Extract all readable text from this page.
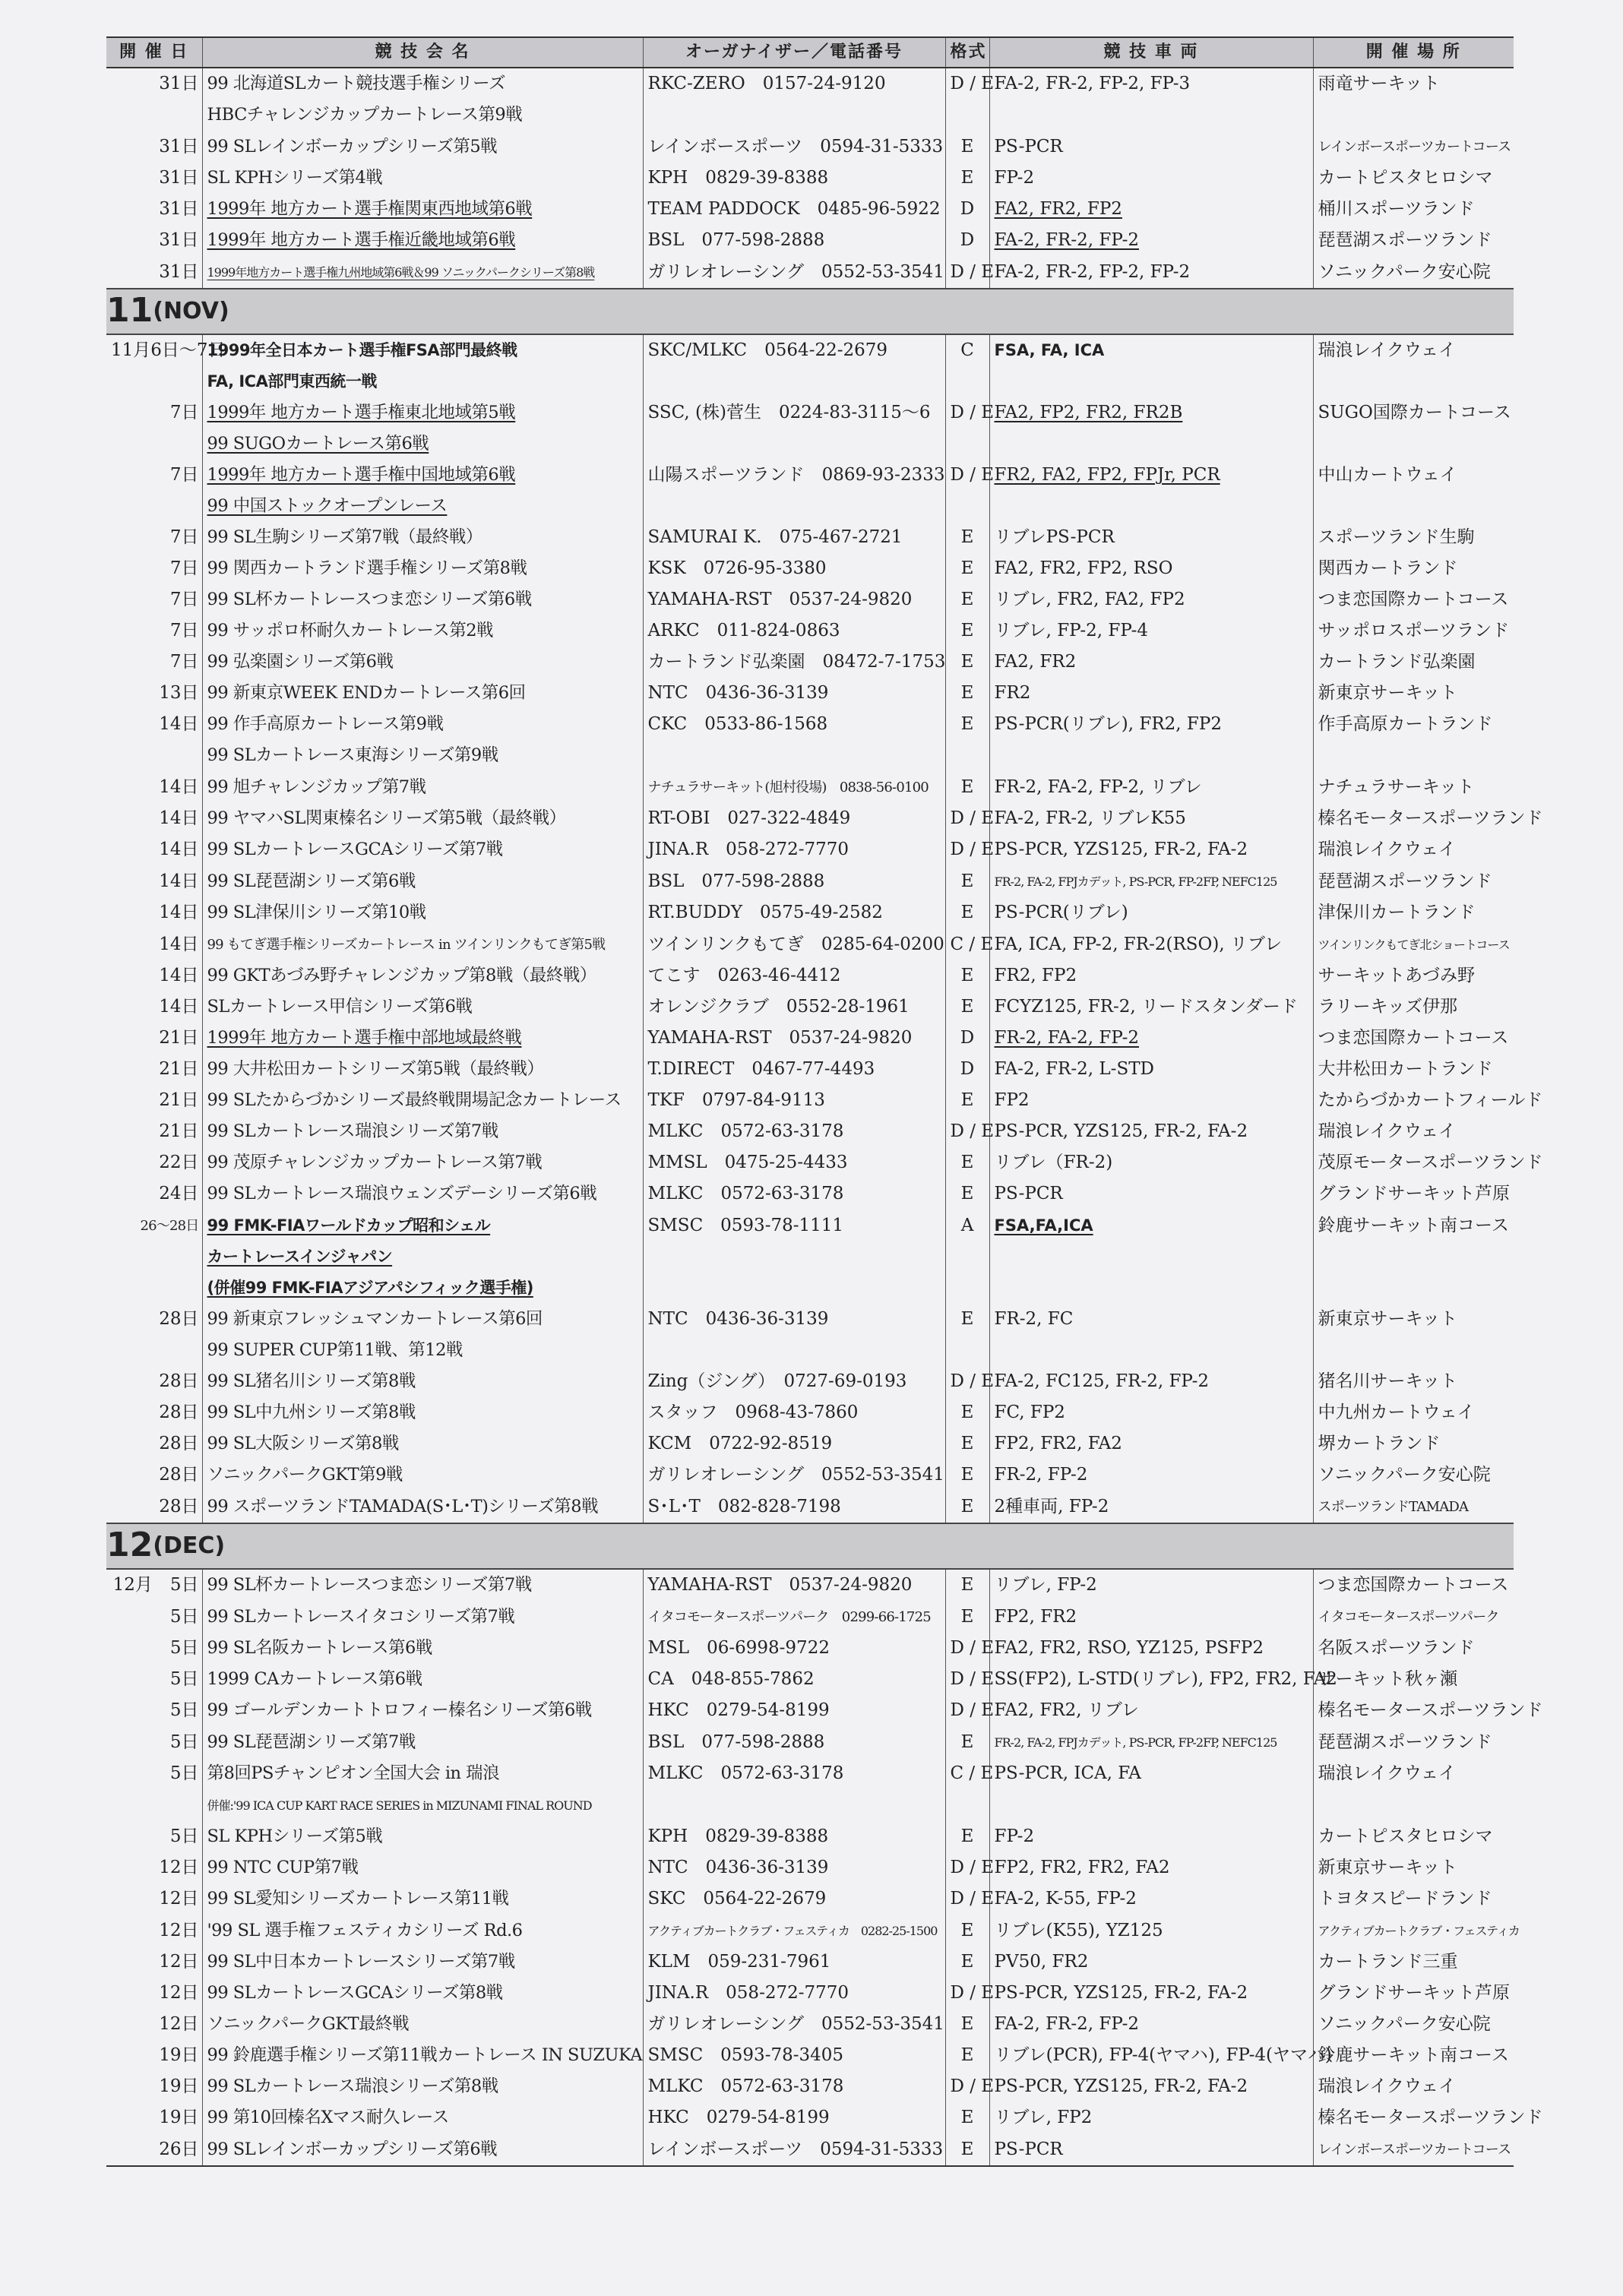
開 催 日	競 技 会 名	オーガナイザー／電話番号	格式	競 技 車 両	開 催 場 所
31日	99 北海道SLカート競技選手権シリーズ	RKC-ZERO　0157-24-9120	D / E	FA-2, FR-2, FP-2, FP-3	雨竜サーキット
	HBCチャレンジカップカートレース第9戦				
31日	99 SLレインボーカップシリーズ第5戦	レインボースポーツ　0594-31-5333	E	PS-PCR	レインボースポーツカートコース
31日	SL KPHシリーズ第4戦	KPH　0829-39-8388	E	FP-2	カートピスタヒロシマ
31日	1999年 地方カート選手権関東西地域第6戦	TEAM PADDOCK　0485-96-5922	D	FA2, FR2, FP2	桶川スポーツランド
31日	1999年 地方カート選手権近畿地域第6戦	BSL　077-598-2888	D	FA-2, FR-2, FP-2	琵琶湖スポーツランド
31日	1999年地方カート選手権九州地域第6戦＆99 ソニックパークシリーズ第8戦	ガリレオレーシング　0552-53-3541	D / E	FA-2, FR-2, FP-2, FP-2	ソニックパーク安心院
11(NOV)					
11月6日〜7日	1999年全日本カート選手権FSA部門最終戦	SKC/MLKC　0564-22-2679	C	FSA, FA, ICA	瑞浪レイクウェイ
	FA, ICA部門東西統一戦				
7日	1999年 地方カート選手権東北地域第5戦	SSC, (株)菅生　0224-83-3115〜6	D / E	FA2, FP2, FR2, FR2B	SUGO国際カートコース
	99 SUGOカートレース第6戦				
7日	1999年 地方カート選手権中国地域第6戦	山陽スポーツランド　0869-93-2333	D / E	FR2, FA2, FP2, FPJr, PCR	中山カートウェイ
	99 中国ストックオープンレース				
7日	99 SL生駒シリーズ第7戦（最終戦）	SAMURAI K.　075-467-2721	E	リブレPS-PCR	スポーツランド生駒
7日	99 関西カートランド選手権シリーズ第8戦	KSK　0726-95-3380	E	FA2, FR2, FP2, RSO	関西カートランド
7日	99 SL杯カートレースつま恋シリーズ第6戦	YAMAHA-RST　0537-24-9820	E	リブレ, FR2, FA2, FP2	つま恋国際カートコース
7日	99 サッポロ杯耐久カートレース第2戦	ARKC　011-824-0863	E	リブレ, FP-2, FP-4	サッポロスポーツランド
7日	99 弘楽園シリーズ第6戦	カートランド弘楽園　08472-7-1753	E	FA2, FR2	カートランド弘楽園
13日	99 新東京WEEK ENDカートレース第6回	NTC　0436-36-3139	E	FR2	新東京サーキット
14日	99 作手高原カートレース第9戦	CKC　0533-86-1568	E	PS-PCR(リブレ), FR2, FP2	作手高原カートランド
	99 SLカートレース東海シリーズ第9戦				
14日	99 旭チャレンジカップ第7戦	ナチュラサーキット(旭村役場)　0838-56-0100	E	FR-2, FA-2, FP-2, リブレ	ナチュラサーキット
14日	99 ヤマハSL関東榛名シリーズ第5戦（最終戦）	RT-OBI　027-322-4849	D / E	FA-2, FR-2, リブレK55	榛名モータースポーツランド
14日	99 SLカートレースGCAシリーズ第7戦	JINA.R　058-272-7770	D / E	PS-PCR, YZS125, FR-2, FA-2	瑞浪レイクウェイ
14日	99 SL琵琶湖シリーズ第6戦	BSL　077-598-2888	E	FR-2, FA-2, FPJカデット, PS-PCR, FP-2FP, NEFC125	琵琶湖スポーツランド
14日	99 SL津保川シリーズ第10戦	RT.BUDDY　0575-49-2582	E	PS-PCR(リブレ)	津保川カートランド
14日	99 もてぎ選手権シリーズカートレース in ツインリンクもてぎ第5戦	ツインリンクもてぎ　0285-64-0200	C / E	FA, ICA, FP-2, FR-2(RSO), リブレ	ツインリンクもてぎ北ショートコース
14日	99 GKTあづみ野チャレンジカップ第8戦（最終戦）	てこす　0263-46-4412	E	FR2, FP2	サーキットあづみ野
14日	SLカートレース甲信シリーズ第6戦	オレンジクラブ　0552-28-1961	E	FCYZ125, FR-2, リードスタンダード	ラリーキッズ伊那
21日	1999年 地方カート選手権中部地域最終戦	YAMAHA-RST　0537-24-9820	D	FR-2, FA-2, FP-2	つま恋国際カートコース
21日	99 大井松田カートシリーズ第5戦（最終戦）	T.DIRECT　0467-77-4493	D	FA-2, FR-2, L-STD	大井松田カートランド
21日	99 SLたからづかシリーズ最終戦開場記念カートレース	TKF　0797-84-9113	E	FP2	たからづかカートフィールド
21日	99 SLカートレース瑞浪シリーズ第7戦	MLKC　0572-63-3178	D / E	PS-PCR, YZS125, FR-2, FA-2	瑞浪レイクウェイ
22日	99 茂原チャレンジカップカートレース第7戦	MMSL　0475-25-4433	E	リブレ（FR-2)	茂原モータースポーツランド
24日	99 SLカートレース瑞浪ウェンズデーシリーズ第6戦	MLKC　0572-63-3178	E	PS-PCR	グランドサーキット芦原
26〜28日	99 FMK-FIAワールドカップ昭和シェル	SMSC　0593-78-1111	A	FSA,FA,ICA	鈴鹿サーキット南コース
	カートレースインジャパン				
	(併催99 FMK-FIAアジアパシフィック選手権)				
28日	99 新東京フレッシュマンカートレース第6回	NTC　0436-36-3139	E	FR-2, FC	新東京サーキット
	99 SUPER CUP第11戦、第12戦				
28日	99 SL猪名川シリーズ第8戦	Zing（ジング）　0727-69-0193	D / E	FA-2, FC125, FR-2, FP-2	猪名川サーキット
28日	99 SL中九州シリーズ第8戦	スタッフ　0968-43-7860	E	FC, FP2	中九州カートウェイ
28日	99 SL大阪シリーズ第8戦	KCM　0722-92-8519	E	FP2, FR2, FA2	堺カートランド
28日	ソニックパークGKT第9戦	ガリレオレーシング　0552-53-3541	E	FR-2, FP-2	ソニックパーク安心院
28日	99 スポーツランドTAMADA(S･L･T)シリーズ第8戦	S･L･T　082-828-7198	E	2種車両, FP-2	スポーツランドTAMADA
12(DEC)					
12月　5日	99 SL杯カートレースつま恋シリーズ第7戦	YAMAHA-RST　0537-24-9820	E	リブレ, FP-2	つま恋国際カートコース
5日	99 SLカートレースイタコシリーズ第7戦	イタコモータースポーツパーク　0299-66-1725	E	FP2, FR2	イタコモータースポーツパーク
5日	99 SL名阪カートレース第6戦	MSL　06-6998-9722	D / E	FA2, FR2, RSO, YZ125, PSFP2	名阪スポーツランド
5日	1999 CAカートレース第6戦	CA　048-855-7862	D / E	SS(FP2), L-STD(リブレ), FP2, FR2, FA2	サーキット秋ヶ瀬
5日	99 ゴールデンカートトロフィー榛名シリーズ第6戦	HKC　0279-54-8199	D / E	FA2, FR2, リブレ	榛名モータースポーツランド
5日	99 SL琵琶湖シリーズ第7戦	BSL　077-598-2888	E	FR-2, FA-2, FPJカデット, PS-PCR, FP-2FP, NEFC125	琵琶湖スポーツランド
5日	第8回PSチャンピオン全国大会 in 瑞浪	MLKC　0572-63-3178	C / E	PS-PCR, ICA, FA	瑞浪レイクウェイ
	併催:'99 ICA CUP KART RACE SERIES in MIZUNAMI FINAL ROUND				
5日	SL KPHシリーズ第5戦	KPH　0829-39-8388	E	FP-2	カートピスタヒロシマ
12日	99 NTC CUP第7戦	NTC　0436-36-3139	D / E	FP2, FR2, FR2, FA2	新東京サーキット
12日	99 SL愛知シリーズカートレース第11戦	SKC　0564-22-2679	D / E	FA-2, K-55, FP-2	トヨタスピードランド
12日	'99 SL 選手権フェスティカシリーズ Rd.6	アクティブカートクラブ・フェスティカ　0282-25-1500	E	リブレ(K55), YZ125	アクティブカートクラブ・フェスティカ
12日	99 SL中日本カートレースシリーズ第7戦	KLM　059-231-7961	E	PV50, FR2	カートランド三重
12日	99 SLカートレースGCAシリーズ第8戦	JINA.R　058-272-7770	D / E	PS-PCR, YZS125, FR-2, FA-2	グランドサーキット芦原
12日	ソニックパークGKT最終戦	ガリレオレーシング　0552-53-3541	E	FA-2, FR-2, FP-2	ソニックパーク安心院
19日	99 鈴鹿選手権シリーズ第11戦カートレース IN SUZUKA	SMSC　0593-78-3405	E	リブレ(PCR), FP-4(ヤマハ), FP-4(ヤマハ)	鈴鹿サーキット南コース
19日	99 SLカートレース瑞浪シリーズ第8戦	MLKC　0572-63-3178	D / E	PS-PCR, YZS125, FR-2, FA-2	瑞浪レイクウェイ
19日	99 第10回榛名Xマス耐久レース	HKC　0279-54-8199	E	リブレ, FP2	榛名モータースポーツランド
26日	99 SLレインボーカップシリーズ第6戦	レインボースポーツ　0594-31-5333	E	PS-PCR	レインボースポーツカートコース
